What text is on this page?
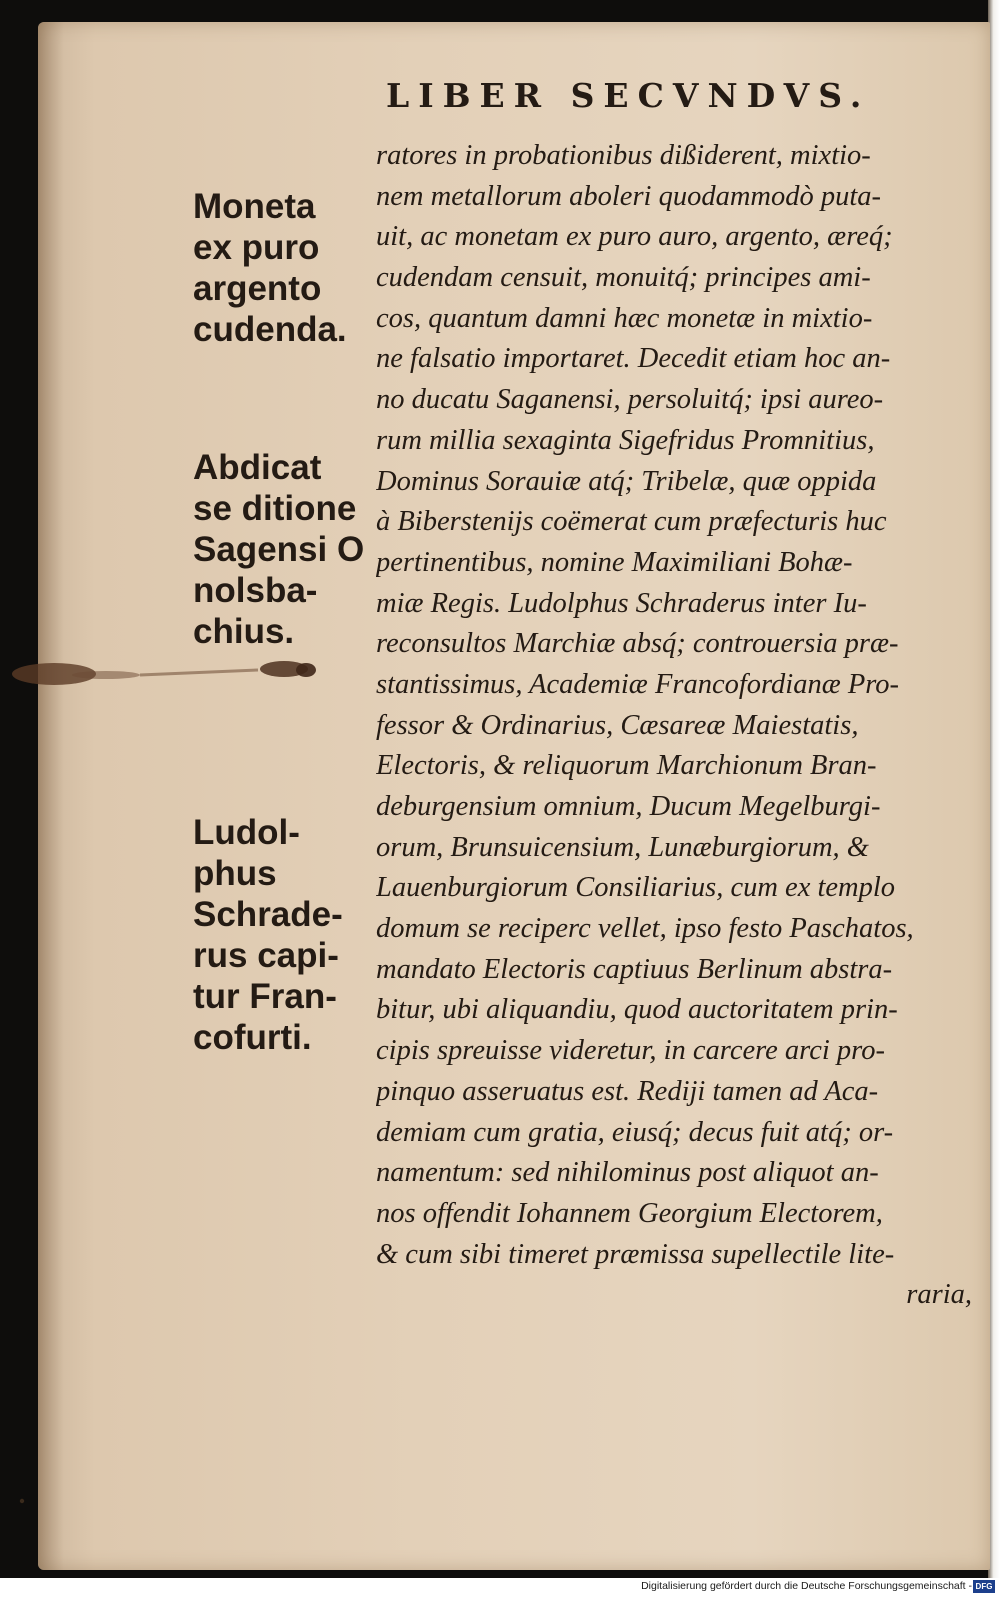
LIBER SECVNDVS.
Moneta
ex puro
argento
cudenda.
Abdicat
se ditione
Sagensi O
nolsba-
chius.
Ludol-
phus
Schrade-
rus capi-
tur Fran-
cofurti.
ratores in probationibus dißiderent, mixtio-
nem metallorum aboleri quodammodò puta-
uit, ac monetam ex puro auro, argento, æreq́;
cudendam censuit, monuitq́; principes ami-
cos, quantum damni hæc monetæ in mixtio-
ne falsatio importaret. Decedit etiam hoc an-
no ducatu Saganensi, persoluitq́; ipsi aureo-
rum millia sexaginta Sigefridus Promnitius,
Dominus Sorauiæ atq́; Tribelæ, quæ oppida
à Biberstenijs coëmerat cum præfecturis huc
pertinentibus, nomine Maximiliani Bohæ-
miæ Regis. Ludolphus Schraderus inter Iu-
reconsultos Marchiæ absq́; controuersia præ-
stantissimus, Academiæ Francofordianæ Pro-
fessor & Ordinarius, Cæsareæ Maiestatis,
Electoris, & reliquorum Marchionum Bran-
deburgensium omnium, Ducum Megelburgi-
orum, Brunsuicensium, Lunæburgiorum, &
Lauenburgiorum Consiliarius, cum ex templo
domum se reciperc vellet, ipso festo Paschatos,
mandato Electoris captiuus Berlinum abstra-
bitur, ubi aliquandiu, quod auctoritatem prin-
cipis spreuisse videretur, in carcere arci pro-
pinquo asseruatus est. Rediji tamen ad Aca-
demiam cum gratia, eiusq́; decus fuit atq́; or-
namentum: sed nihilominus post aliquot an-
nos offendit Iohannem Georgium Electorem,
& cum sibi timeret præmissa supellectile lite-
raria,
Digitalisierung gefördert durch die Deutsche Forschungsgemeinschaft - DFG
